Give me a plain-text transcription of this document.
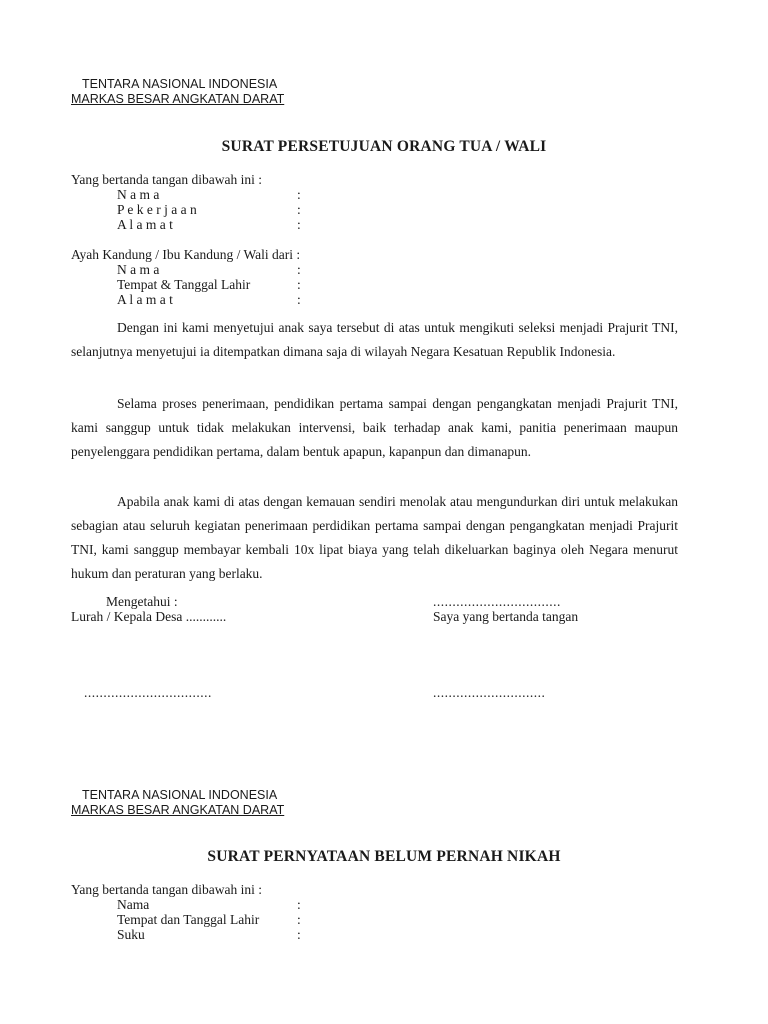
TENTARA NASIONAL INDONESIA
MARKAS BESAR ANGKATAN DARAT
SURAT PERSETUJUAN ORANG TUA / WALI
Yang bertanda tangan dibawah ini :
N a m a	:
P e k e r j a a n	:
A l a m a t	:
Ayah Kandung / Ibu Kandung / Wali dari :
N a m a	:
Tempat & Tanggal Lahir	:
A l a m a t	:
Dengan ini kami menyetujui anak saya tersebut di atas untuk mengikuti seleksi menjadi Prajurit TNI, selanjutnya menyetujui ia ditempatkan dimana saja di wilayah Negara Kesatuan Republik Indonesia.
Selama proses penerimaan, pendidikan pertama sampai dengan pengangkatan menjadi Prajurit TNI, kami sanggup untuk tidak melakukan intervensi, baik terhadap anak kami, panitia penerimaan maupun penyelenggara pendidikan pertama, dalam bentuk apapun, kapanpun dan dimanapun.
Apabila anak kami di atas dengan kemauan sendiri menolak atau mengundurkan diri untuk melakukan sebagian atau seluruh kegiatan penerimaan perdidikan pertama sampai dengan pengangkatan menjadi Prajurit TNI, kami sanggup membayar kembali 10x lipat biaya yang telah dikeluarkan baginya oleh Negara menurut hukum dan peraturan yang berlaku.
Mengetahui :	.................................
Lurah / Kepala Desa ............	Saya yang bertanda tangan
.................................	.............................
TENTARA NASIONAL INDONESIA
MARKAS BESAR ANGKATAN DARAT
SURAT PERNYATAAN BELUM PERNAH NIKAH
Yang bertanda tangan dibawah ini :
Nama	:
Tempat dan Tanggal Lahir	:
Suku	:
